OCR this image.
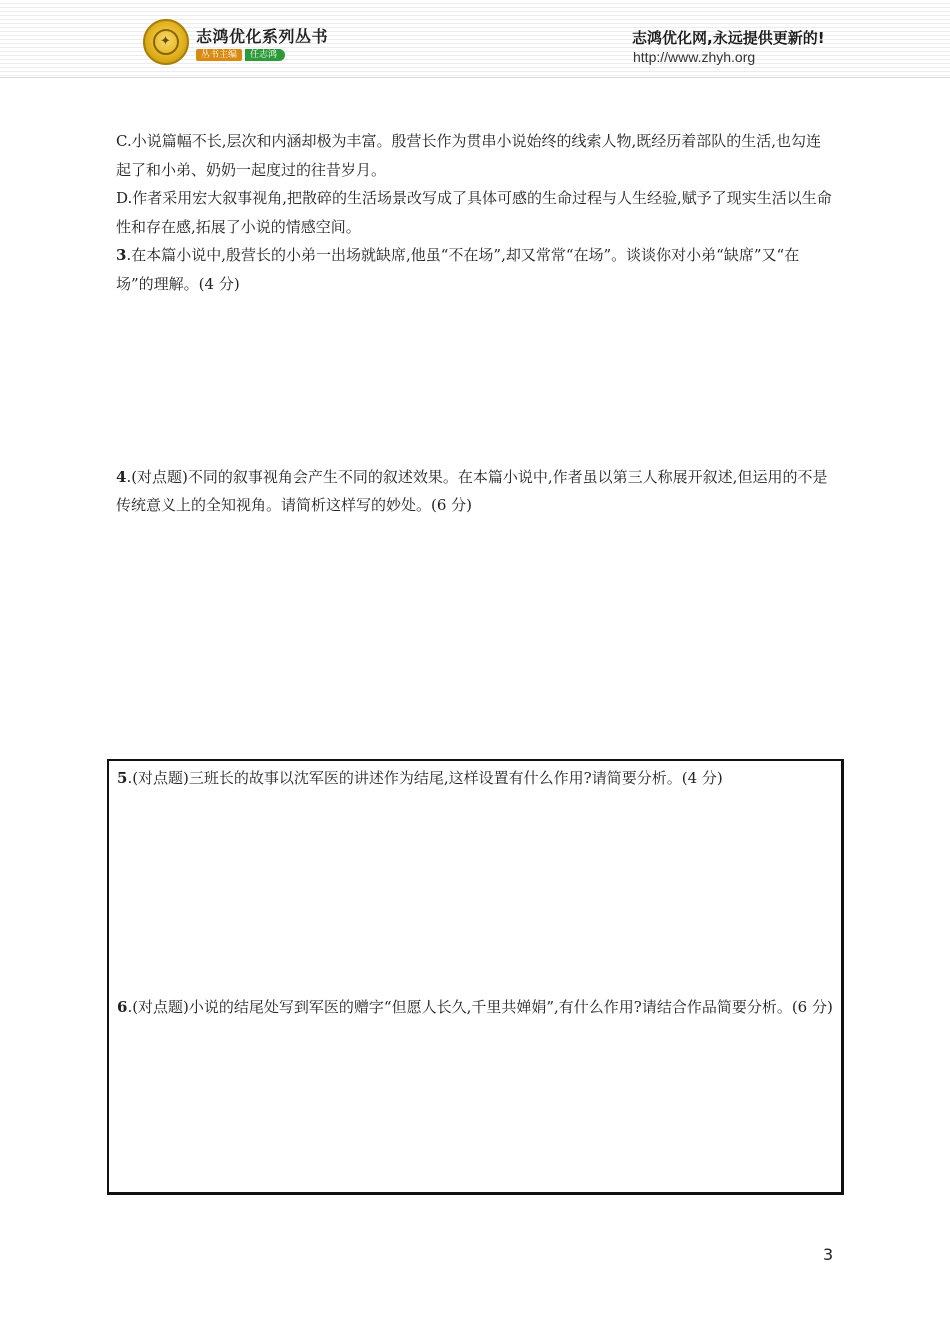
✦ 志鸿优化系列丛书
丛书主编	任志鸿
志鸿优化网,永远提供更新的!
http://www.zhyh.org

C.小说篇幅不长,层次和内涵却极为丰富。殷营长作为贯串小说始终的线索人物,既经历着部队的生活,也勾连起了和小弟、奶奶一起度过的往昔岁月。

D.作者采用宏大叙事视角,把散碎的生活场景改写成了具体可感的生命过程与人生经验,赋予了现实生活以生命性和存在感,拓展了小说的情感空间。

3.在本篇小说中,殷营长的小弟一出场就缺席,他虽“不在场”,却又常常“在场”。谈谈你对小弟“缺席”又“在场”的理解。(4 分)

4.(对点题)不同的叙事视角会产生不同的叙述效果。在本篇小说中,作者虽以第三人称展开叙述,但运用的不是传统意义上的全知视角。请简析这样写的妙处。(6 分)

5.(对点题)三班长的故事以沈军医的讲述作为结尾,这样设置有什么作用?请简要分析。(4 分)

6.(对点题)小说的结尾处写到军医的赠字“但愿人长久,千里共婵娟”,有什么作用?请结合作品简要分析。(6 分)

3
